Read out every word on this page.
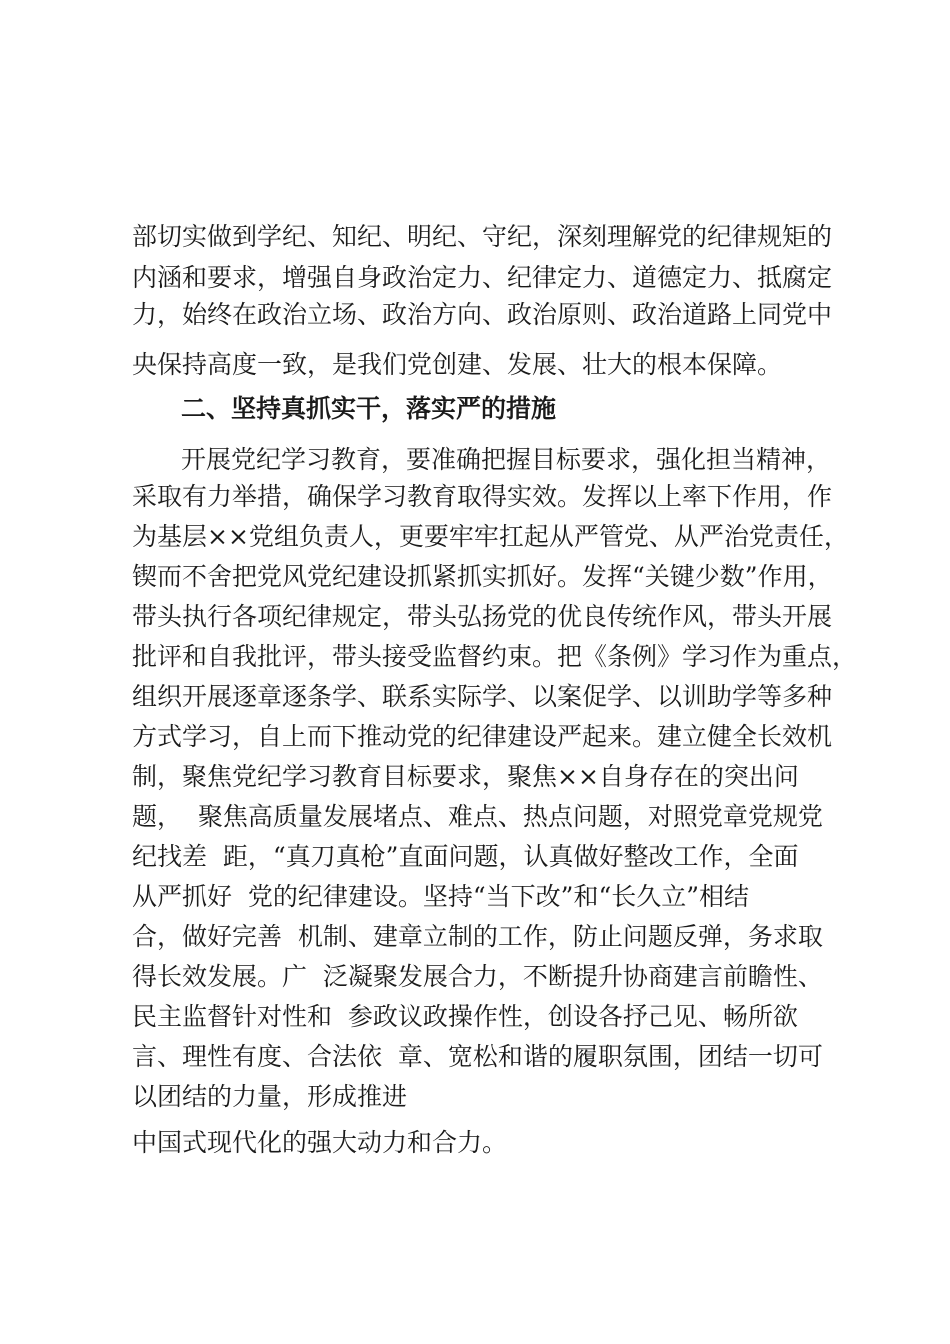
部切实做到学纪、知纪、明纪、守纪，深刻理解党的纪律规矩的

内涵和要求，增强自身政治定力、纪律定力、道德定力、抵腐定

力，始终在政治立场、政治方向、政治原则、政治道路上同党中

央保持高度一致，是我们党创建、发展、壮大的根本保障。

二、坚持真抓实干，落实严的措施

开展党纪学习教育，要准确把握目标要求，强化担当精神，

采取有力举措，确保学习教育取得实效。发挥以上率下作用，作

为基层××党组负责人，更要牢牢扛起从严管党、从严治党责任，

锲而不舍把党风党纪建设抓紧抓实抓好。发挥“关键少数”作用，

带头执行各项纪律规定，带头弘扬党的优良传统作风，带头开展

批评和自我批评，带头接受监督约束。把《条例》学习作为重点，

组织开展逐章逐条学、联系实际学、以案促学、以训助学等多种

方式学习，自上而下推动党的纪律建设严起来。建立健全长效机

制，聚焦党纪学习教育目标要求，聚焦××自身存在的突出问

题，  聚焦高质量发展堵点、难点、热点问题，对照党章党规党

纪找差  距，“真刀真枪”直面问题，认真做好整改工作，全面

从严抓好  党的纪律建设。坚持“当下改”和“长久立”相结

合，做好完善  机制、建章立制的工作，防止问题反弹，务求取

得长效发展。广  泛凝聚发展合力，不断提升协商建言前瞻性、

民主监督针对性和  参政议政操作性，创设各抒己见、畅所欲

言、理性有度、合法依  章、宽松和谐的履职氛围，团结一切可

以团结的力量，形成推进

中国式现代化的强大动力和合力。
